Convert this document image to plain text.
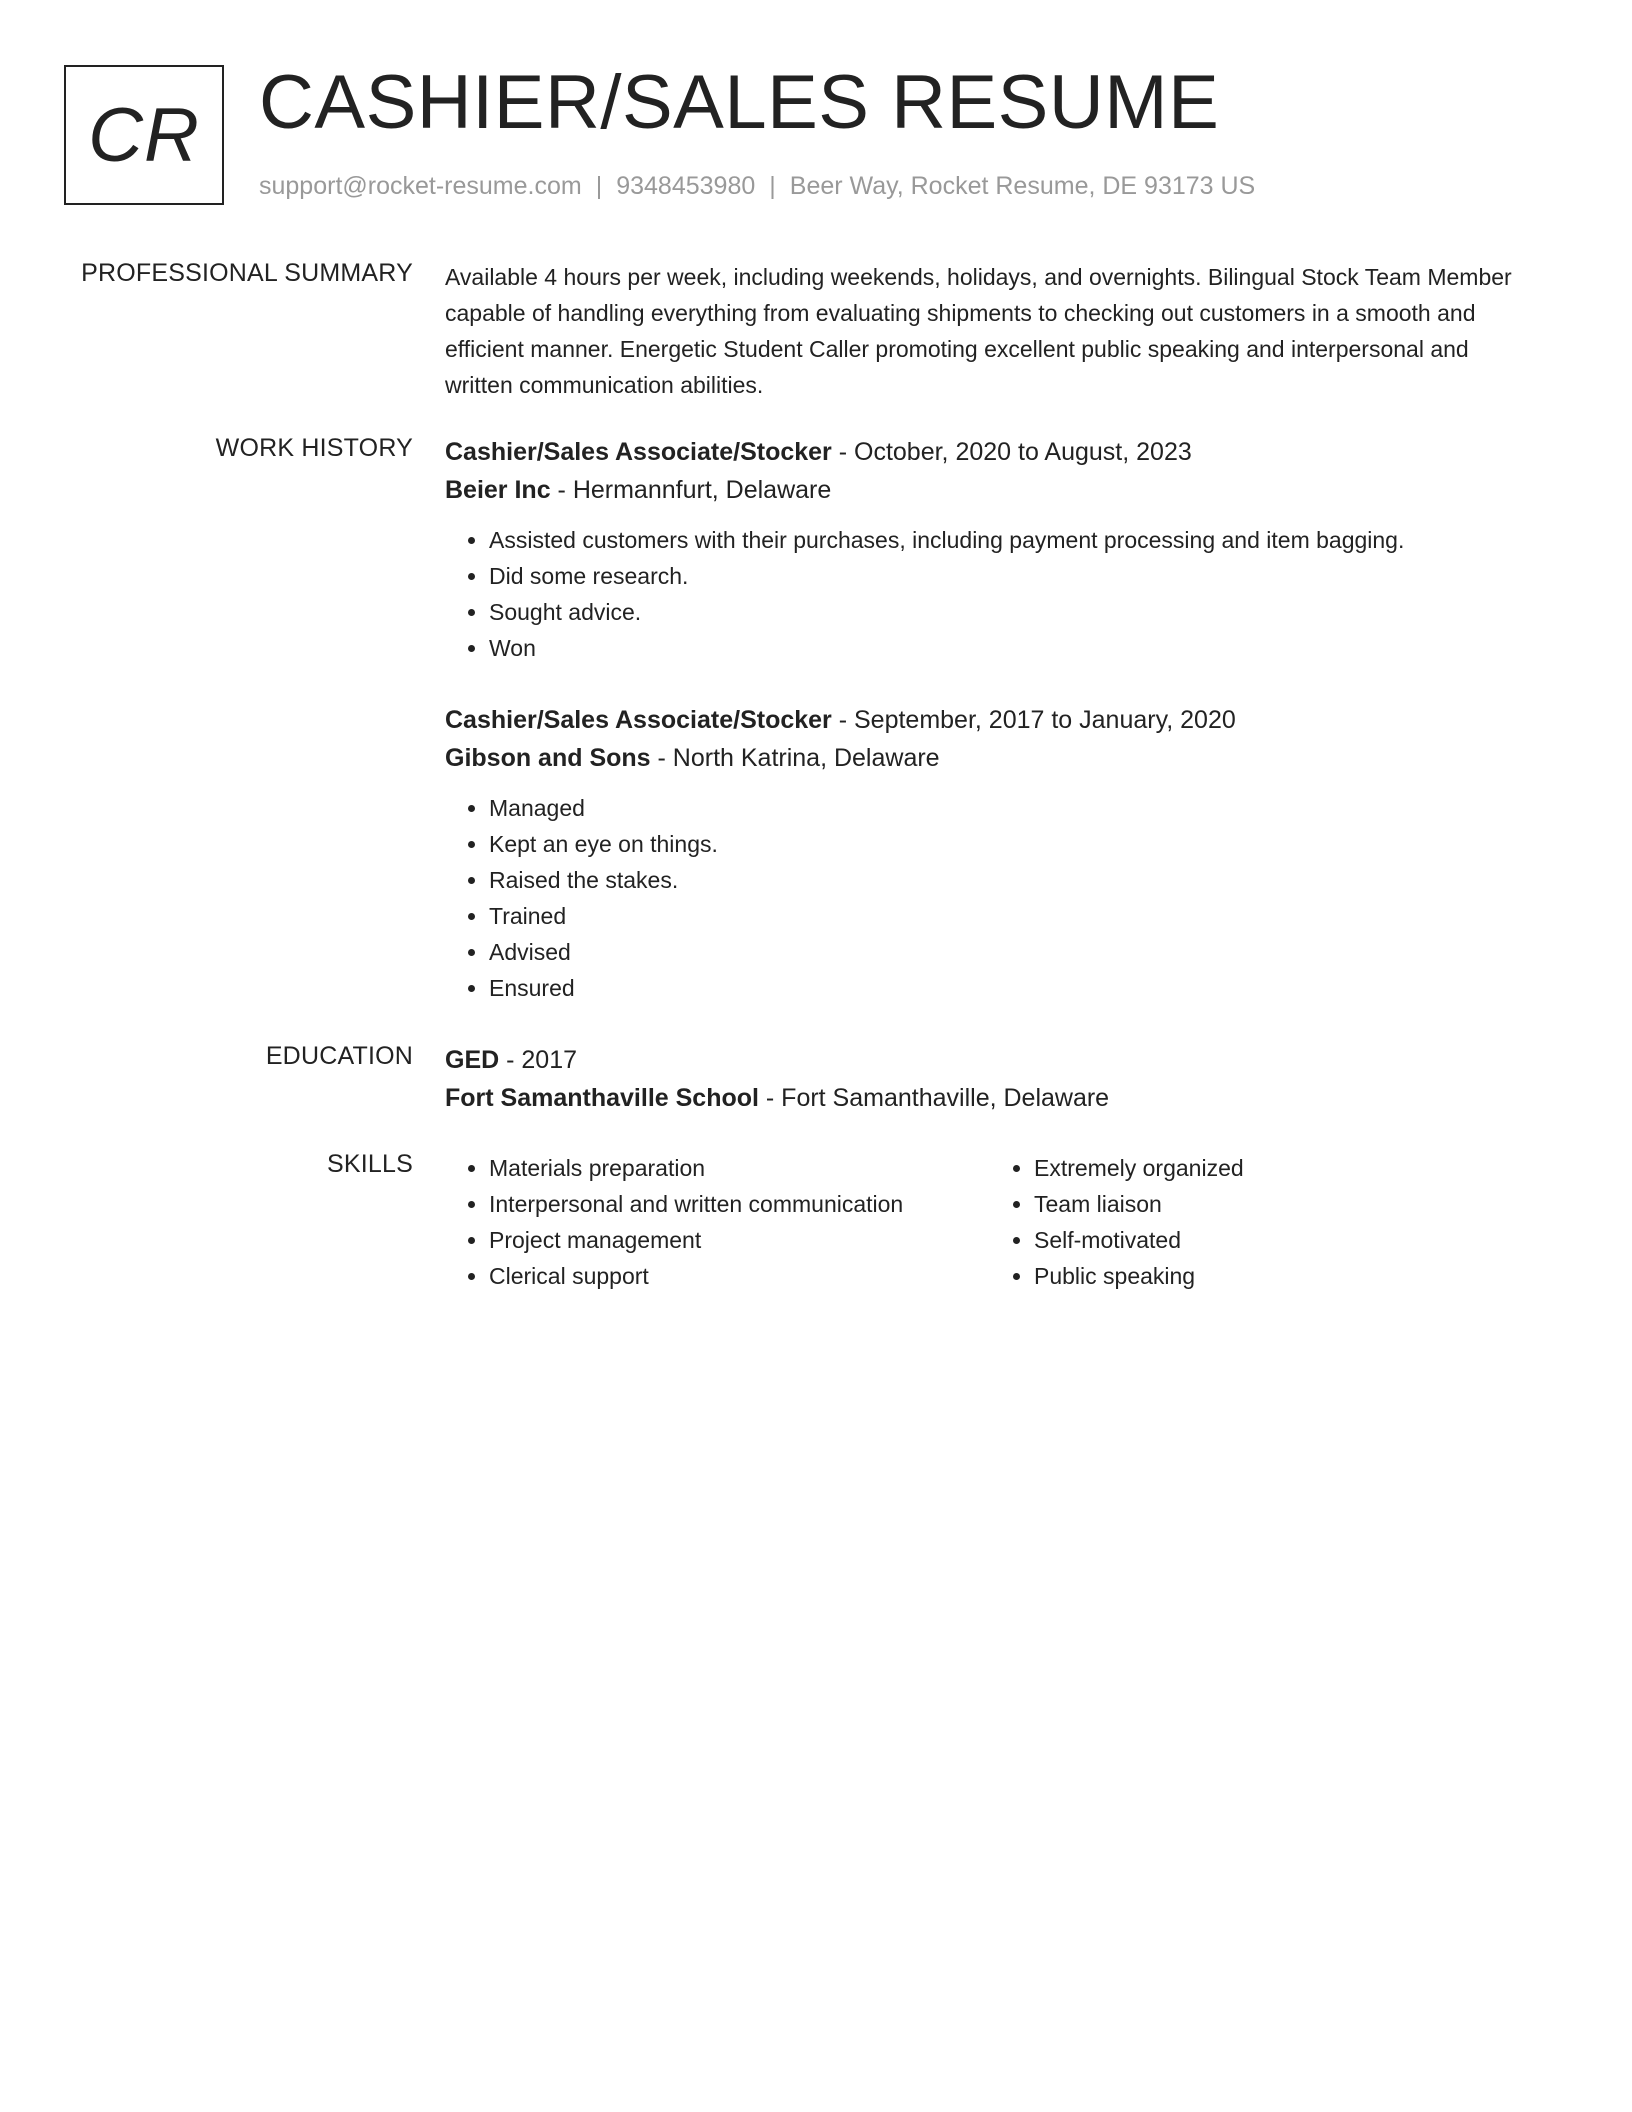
CR CASHIER/SALES RESUME
support@rocket-resume.com | 9348453980 | Beer Way, Rocket Resume, DE 93173 US
PROFESSIONAL SUMMARY Available 4 hours per week, including weekends, holidays, and overnights. Bilingual Stock Team Member capable of handling everything from evaluating shipments to checking out customers in a smooth and efficient manner. Energetic Student Caller promoting excellent public speaking and interpersonal and written communication abilities.

WORK HISTORY Cashier/Sales Associate/Stocker - October, 2020 to August, 2023
Beier Inc - Hermannfurt, Delaware
• Assisted customers with their purchases, including payment processing and item bagging.
• Did some research.
• Sought advice.
• Won
Cashier/Sales Associate/Stocker - September, 2017 to January, 2020
Gibson and Sons - North Katrina, Delaware
• Managed
• Kept an eye on things.
• Raised the stakes.
• Trained
• Advised
• Ensured
EDUCATION GED - 2017
Fort Samanthaville School - Fort Samanthaville, Delaware
SKILLS
•	Materials preparation
• Interpersonal and written communication
• Project management
• Clerical support
• Extremely organized
• Team liaison
• Self-motivated
• Public speaking
